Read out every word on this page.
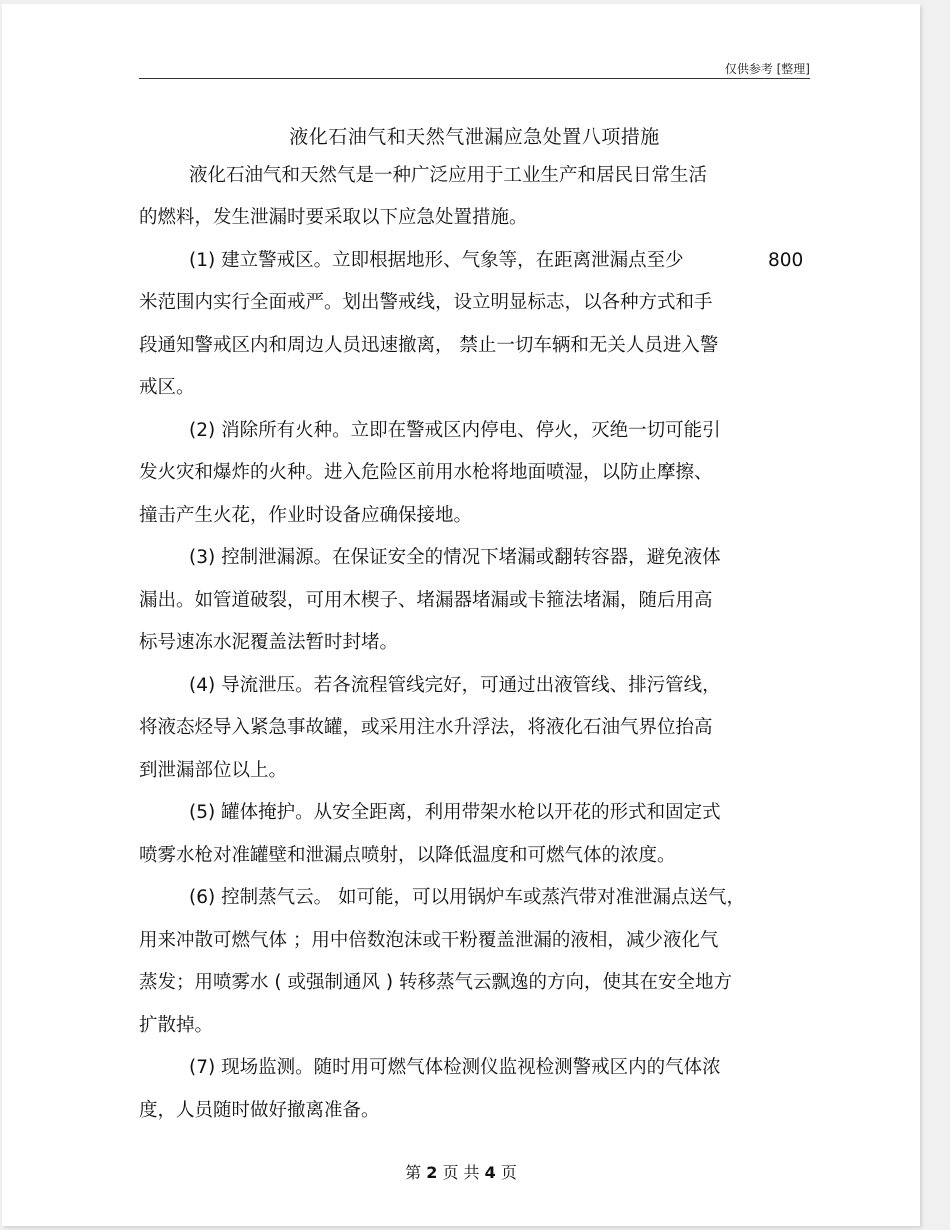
仅供参考 [整理]
液化石油气和天然气泄漏应急处置八项措施
液化石油气和天然气是一种广泛应用于工业生产和居民日常生活
的燃料，发生泄漏时要采取以下应急处置措施。
(1) 建立警戒区。立即根据地形、气象等，在距离泄漏点至少	800
米范围内实行全面戒严。划出警戒线，设立明显标志，以各种方式和手
段通知警戒区内和周边人员迅速撤离， 禁止一切车辆和无关人员进入警
戒区。
(2) 消除所有火种。立即在警戒区内停电、停火，灭绝一切可能引
发火灾和爆炸的火种。进入危险区前用水枪将地面喷湿，以防止摩擦、
撞击产生火花，作业时设备应确保接地。
(3) 控制泄漏源。在保证安全的情况下堵漏或翻转容器，避免液体
漏出。如管道破裂，可用木楔子、堵漏器堵漏或卡箍法堵漏，随后用高
标号速冻水泥覆盖法暂时封堵。
(4) 导流泄压。若各流程管线完好，可通过出液管线、排污管线，
将液态烃导入紧急事故罐，或采用注水升浮法，将液化石油气界位抬高
到泄漏部位以上。
(5) 罐体掩护。从安全距离，利用带架水枪以开花的形式和固定式
喷雾水枪对准罐壁和泄漏点喷射，以降低温度和可燃气体的浓度。
(6) 控制蒸气云。 如可能，可以用锅炉车或蒸汽带对准泄漏点送气，
用来冲散可燃气体 ；用中倍数泡沫或干粉覆盖泄漏的液相，减少液化气
蒸发；用喷雾水 ( 或强制通风 ) 转移蒸气云飘逸的方向，使其在安全地方
扩散掉。
(7) 现场监测。随时用可燃气体检测仪监视检测警戒区内的气体浓
度，人员随时做好撤离准备。
第 2 页 共 4 页
